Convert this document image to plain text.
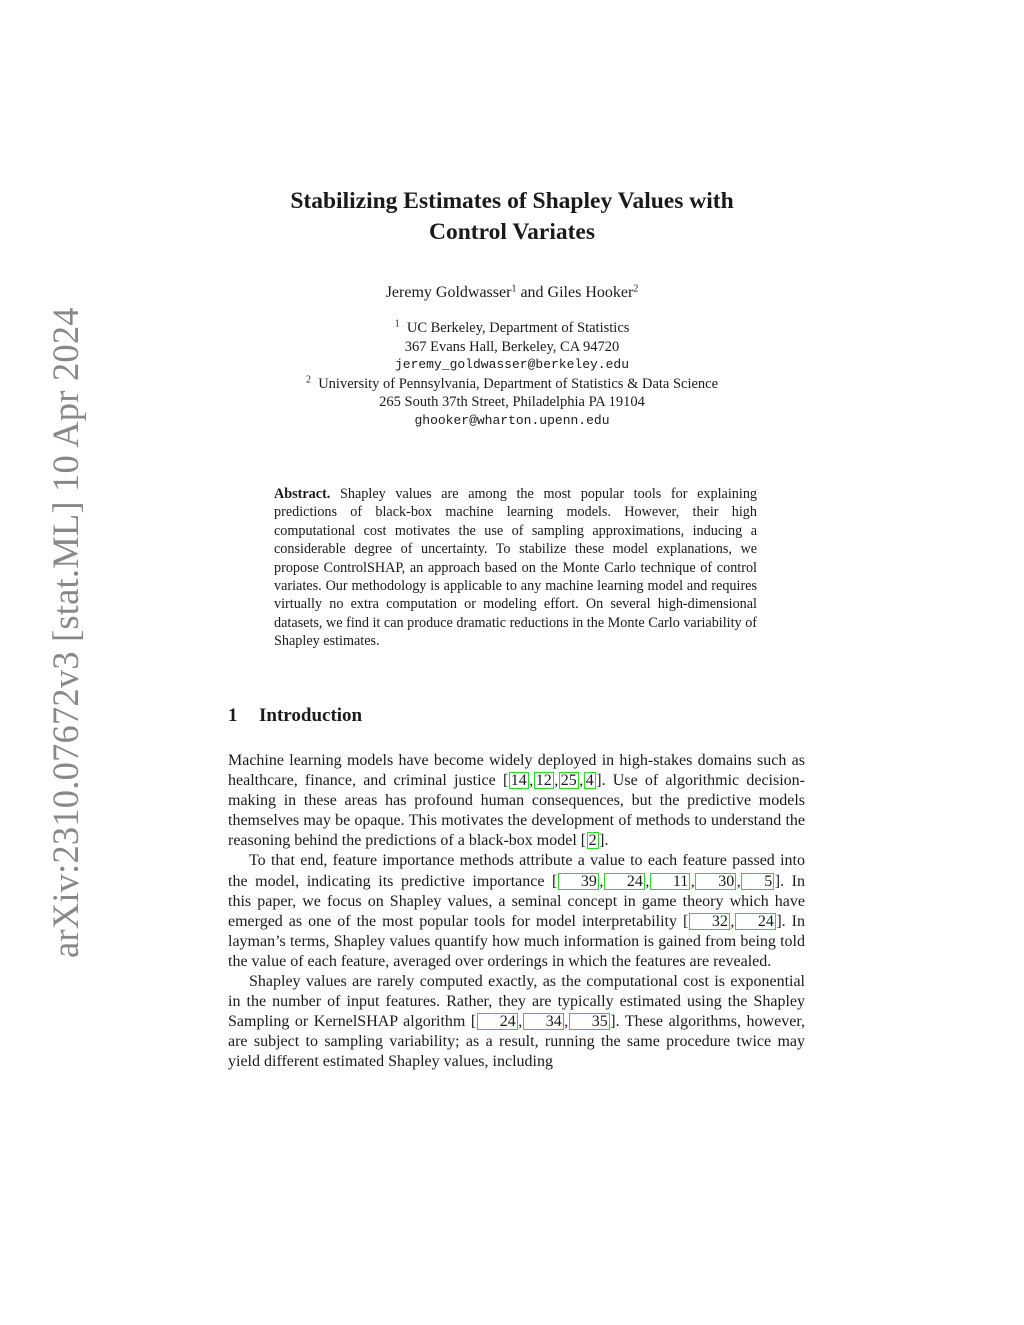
arXiv:2310.07672v3 [stat.ML] 10 Apr 2024
Stabilizing Estimates of Shapley Values with
Control Variates
Jeremy Goldwasser$^1$ and Giles Hooker$^2$
$^1$ UC Berkeley, Department of Statistics
367 Evans Hall, Berkeley, CA 94720
jeremy_goldwasser@berkeley.edu
$^2$ University of Pennsylvania, Department of Statistics & Data Science
265 South 37th Street, Philadelphia PA 19104
ghooker@wharton.upenn.edu
Abstract. Shapley values are among the most popular tools for explaining predictions of black-box machine learning models. However, their high computational cost motivates the use of sampling approximations, inducing a considerable degree of uncertainty. To stabilize these model explanations, we propose ControlSHAP, an approach based on the Monte Carlo technique of control variates. Our methodology is applicable to any machine learning model and requires virtually no extra computation or modeling effort. On several high-dimensional datasets, we find it can produce dramatic reductions in the Monte Carlo variability of Shapley estimates.
1 Introduction

Machine learning models have become widely deployed in high-stakes domains such as healthcare, finance, and criminal justice [ 14 , 12 , 25 , 4 ]. Use of algorithmic decision-making in these areas has profound human consequences, but the predictive models themselves may be opaque. This motivates the development of methods to understand the reasoning behind the predictions of a black-box model [ 2 ].

To that end, feature importance methods attribute a value to each feature passed into the model, indicating its predictive importance [ 39 , 24 , 11 , 30 , 5 ]. In this paper, we focus on Shapley values, a seminal concept in game theory which have emerged as one of the most popular tools for model interpretability [ 32 , 24 ]. In layman’s terms, Shapley values quantify how much information is gained from being told the value of each feature, averaged over orderings in which the features are revealed.

Shapley values are rarely computed exactly, as the computational cost is exponential in the number of input features. Rather, they are typically estimated using the Shapley Sampling or KernelSHAP algorithm [ 24 , 34 , 35 ]. These algorithms, however, are subject to sampling variability; as a result, running the same procedure twice may yield different estimated Shapley values, including
